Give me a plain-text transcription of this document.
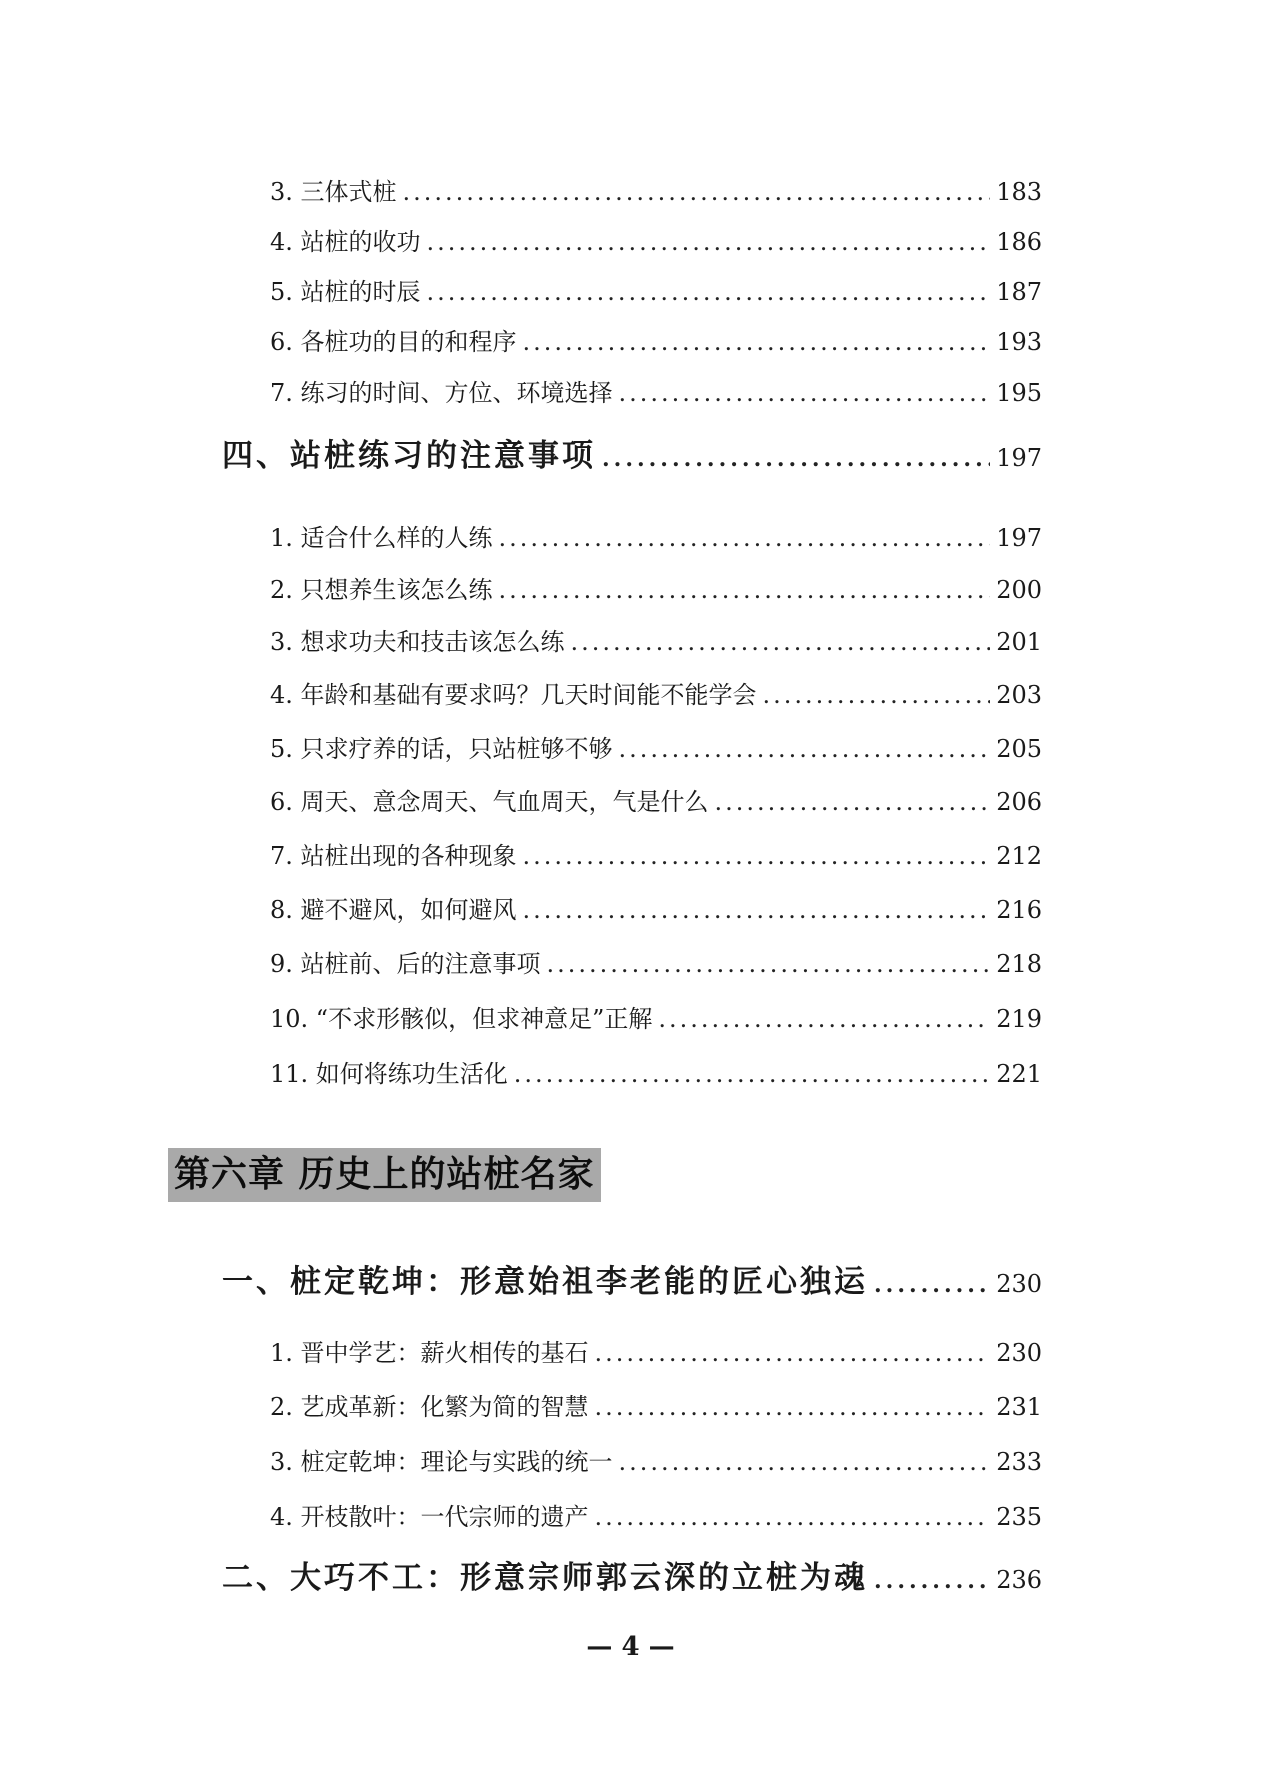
3. 三体式桩 .....	183
4. 站桩的收功 .....	186
5. 站桩的时辰 .....	187
6. 各桩功的目的和程序 .....	193
7. 练习的时间、方位、环境选择 .....	195
四、站桩练习的注意事项 .....	197
1. 适合什么样的人练 .....	197
2. 只想养生该怎么练 .....	200
3. 想求功夫和技击该怎么练 .....	201
4. 年龄和基础有要求吗？几天时间能不能学会 .....	203
5. 只求疗养的话，只站桩够不够 .....	205
6. 周天、意念周天、气血周天，气是什么 .....	206
7. 站桩出现的各种现象 .....	212
8. 避不避风，如何避风 .....	216
9. 站桩前、后的注意事项 .....	218
10. “不求形骸似，但求神意足”正解 .....	219
11. 如何将练功生活化 .....	221
第六章 历史上的站桩名家
一、桩定乾坤：形意始祖李老能的匠心独运 .....	230
1. 晋中学艺：薪火相传的基石 .....	230
2. 艺成革新：化繁为简的智慧 .....	231
3. 桩定乾坤：理论与实践的统一 .....	233
4. 开枝散叶：一代宗师的遗产 .....	235
二、大巧不工：形意宗师郭云深的立桩为魂 .....	236
— 4 —
